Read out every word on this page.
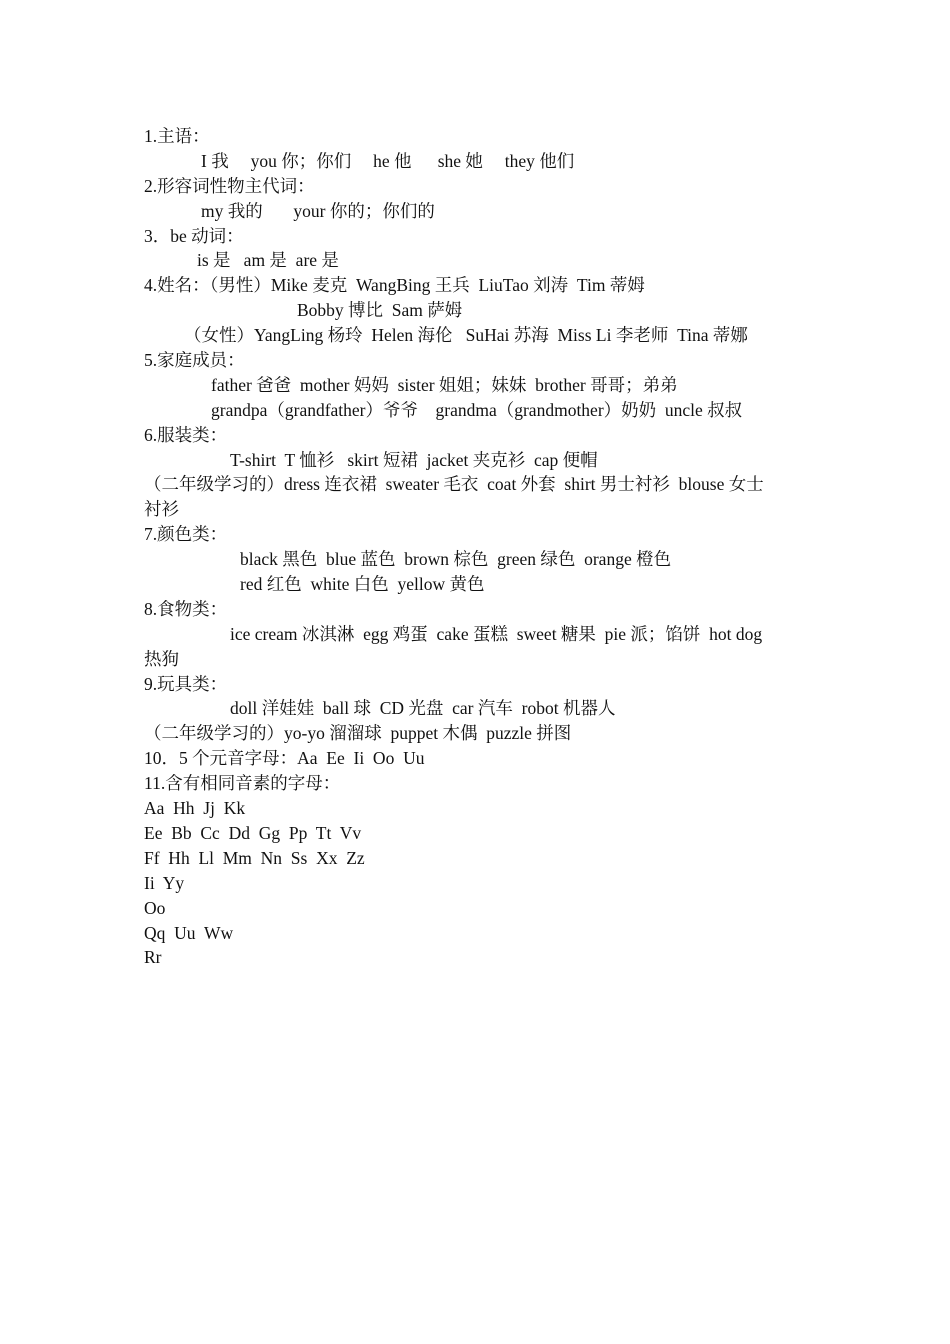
1.主语：
I 我     you 你；你们     he 他      she 她     they 他们
2.形容词性物主代词：
my 我的       your 你的；你们的
3．be 动词：
is 是   am 是  are 是
4.姓名：（男性）Mike 麦克  WangBing 王兵  LiuTao 刘涛  Tim 蒂姆
Bobby 博比  Sam 萨姆
（女性）YangLing 杨玲  Helen 海伦   SuHai 苏海  Miss Li 李老师  Tina 蒂娜
5.家庭成员：
father 爸爸  mother 妈妈  sister 姐姐；妹妹  brother 哥哥；弟弟
grandpa（grandfather）爷爷    grandma（grandmother）奶奶  uncle 叔叔
6.服装类：
T-shirt  T 恤衫   skirt 短裙  jacket 夹克衫  cap 便帽
（二年级学习的）dress 连衣裙  sweater 毛衣  coat 外套  shirt 男士衬衫  blouse 女士
衬衫
7.颜色类：
black 黑色  blue 蓝色  brown 棕色  green 绿色  orange 橙色
red 红色  white 白色  yellow 黄色
8.食物类：
ice cream 冰淇淋  egg 鸡蛋  cake 蛋糕  sweet 糖果  pie 派；馅饼  hot dog
热狗
9.玩具类：
doll 洋娃娃  ball 球  CD 光盘  car 汽车  robot 机器人
（二年级学习的）yo-yo 溜溜球  puppet 木偶  puzzle 拼图
10．5 个元音字母：Aa  Ee  Ii  Oo  Uu
11.含有相同音素的字母：
Aa  Hh  Jj  Kk
Ee  Bb  Cc  Dd  Gg  Pp  Tt  Vv
Ff  Hh  Ll  Mm  Nn  Ss  Xx  Zz
Ii  Yy
Oo
Qq  Uu  Ww
Rr
